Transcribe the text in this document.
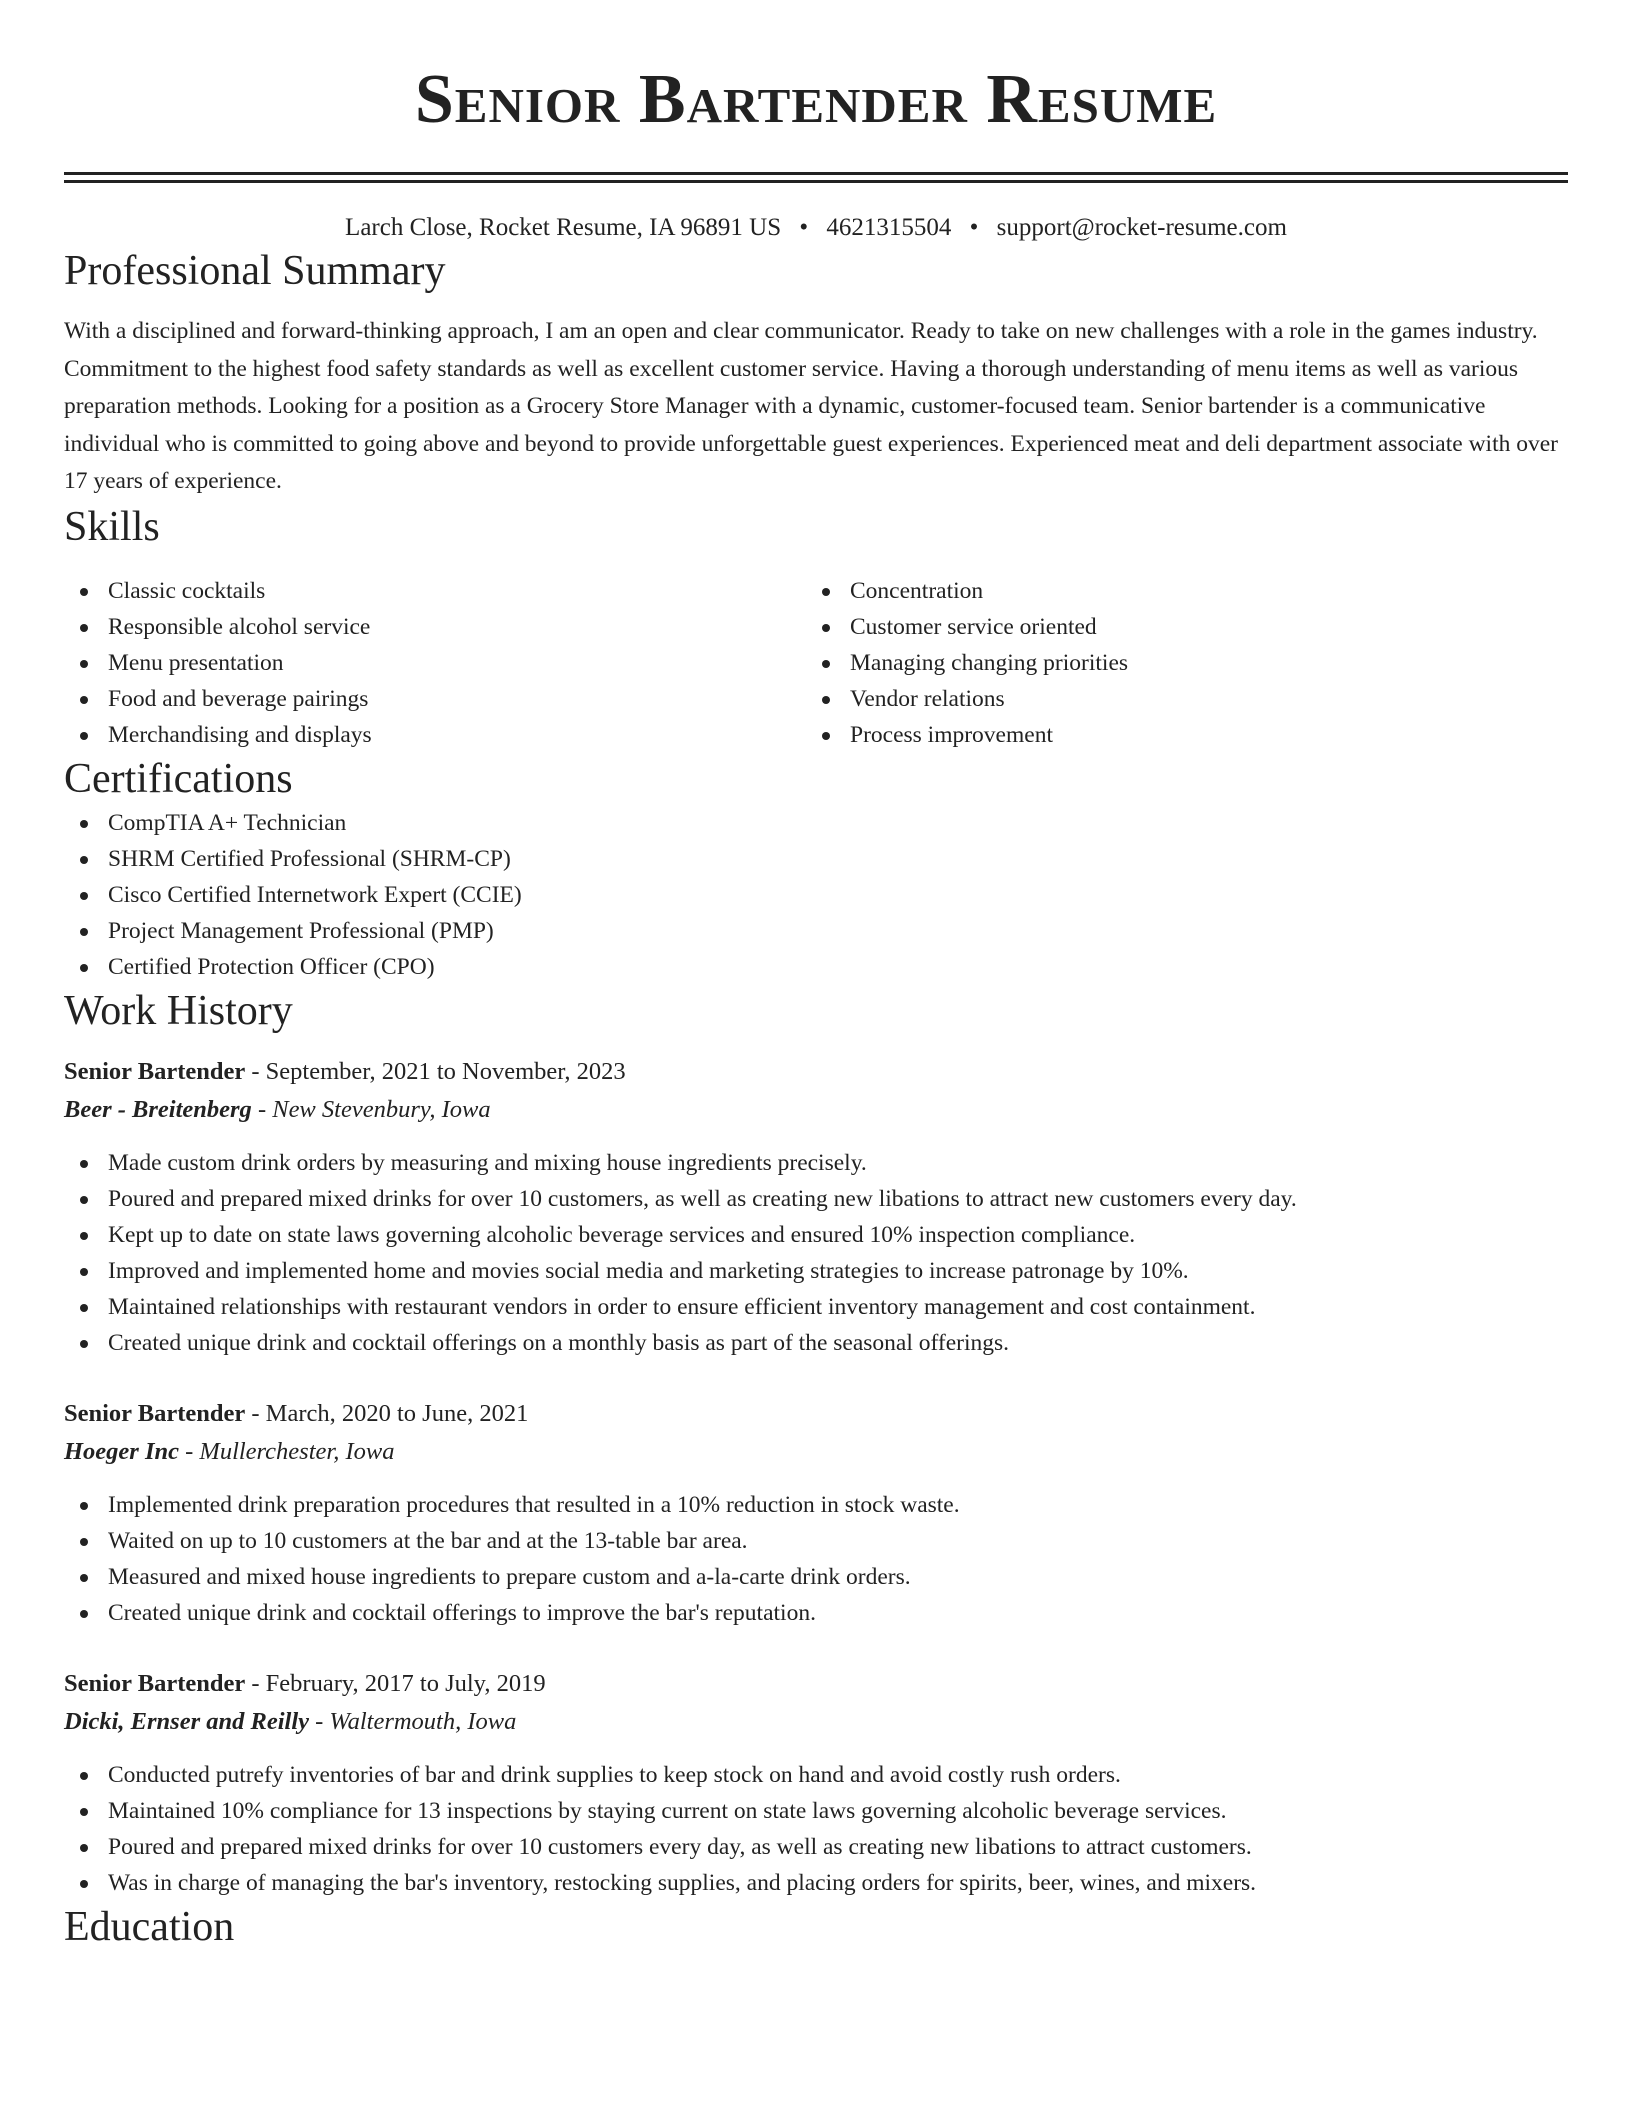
Senior Bartender Resume
Larch Close, Rocket Resume, IA 96891 US • 4621315504 • support@rocket-resume.com
Professional Summary
With a disciplined and forward-thinking approach, I am an open and clear communicator. Ready to take on new challenges with a role in the games industry. Commitment to the highest food safety standards as well as excellent customer service. Having a thorough understanding of menu items as well as various preparation methods. Looking for a position as a Grocery Store Manager with a dynamic, customer-focused team. Senior bartender is a communicative individual who is committed to going above and beyond to provide unforgettable guest experiences. Experienced meat and deli department associate with over 17 years of experience.
Skills
Classic cocktails
Responsible alcohol service
Menu presentation
Food and beverage pairings
Merchandising and displays
Concentration
Customer service oriented
Managing changing priorities
Vendor relations
Process improvement
Certifications
CompTIA A+ Technician
SHRM Certified Professional (SHRM-CP)
Cisco Certified Internetwork Expert (CCIE)
Project Management Professional (PMP)
Certified Protection Officer (CPO)
Work History
Senior Bartender - September, 2021 to November, 2023
Beer - Breitenberg - New Stevenbury, Iowa
Made custom drink orders by measuring and mixing house ingredients precisely.
Poured and prepared mixed drinks for over 10 customers, as well as creating new libations to attract new customers every day.
Kept up to date on state laws governing alcoholic beverage services and ensured 10% inspection compliance.
Improved and implemented home and movies social media and marketing strategies to increase patronage by 10%.
Maintained relationships with restaurant vendors in order to ensure efficient inventory management and cost containment.
Created unique drink and cocktail offerings on a monthly basis as part of the seasonal offerings.
Senior Bartender - March, 2020 to June, 2021
Hoeger Inc - Mullerchester, Iowa
Implemented drink preparation procedures that resulted in a 10% reduction in stock waste.
Waited on up to 10 customers at the bar and at the 13-table bar area.
Measured and mixed house ingredients to prepare custom and a-la-carte drink orders.
Created unique drink and cocktail offerings to improve the bar's reputation.
Senior Bartender - February, 2017 to July, 2019
Dicki, Ernser and Reilly - Waltermouth, Iowa
Conducted putrefy inventories of bar and drink supplies to keep stock on hand and avoid costly rush orders.
Maintained 10% compliance for 13 inspections by staying current on state laws governing alcoholic beverage services.
Poured and prepared mixed drinks for over 10 customers every day, as well as creating new libations to attract customers.
Was in charge of managing the bar's inventory, restocking supplies, and placing orders for spirits, beer, wines, and mixers.
Education
